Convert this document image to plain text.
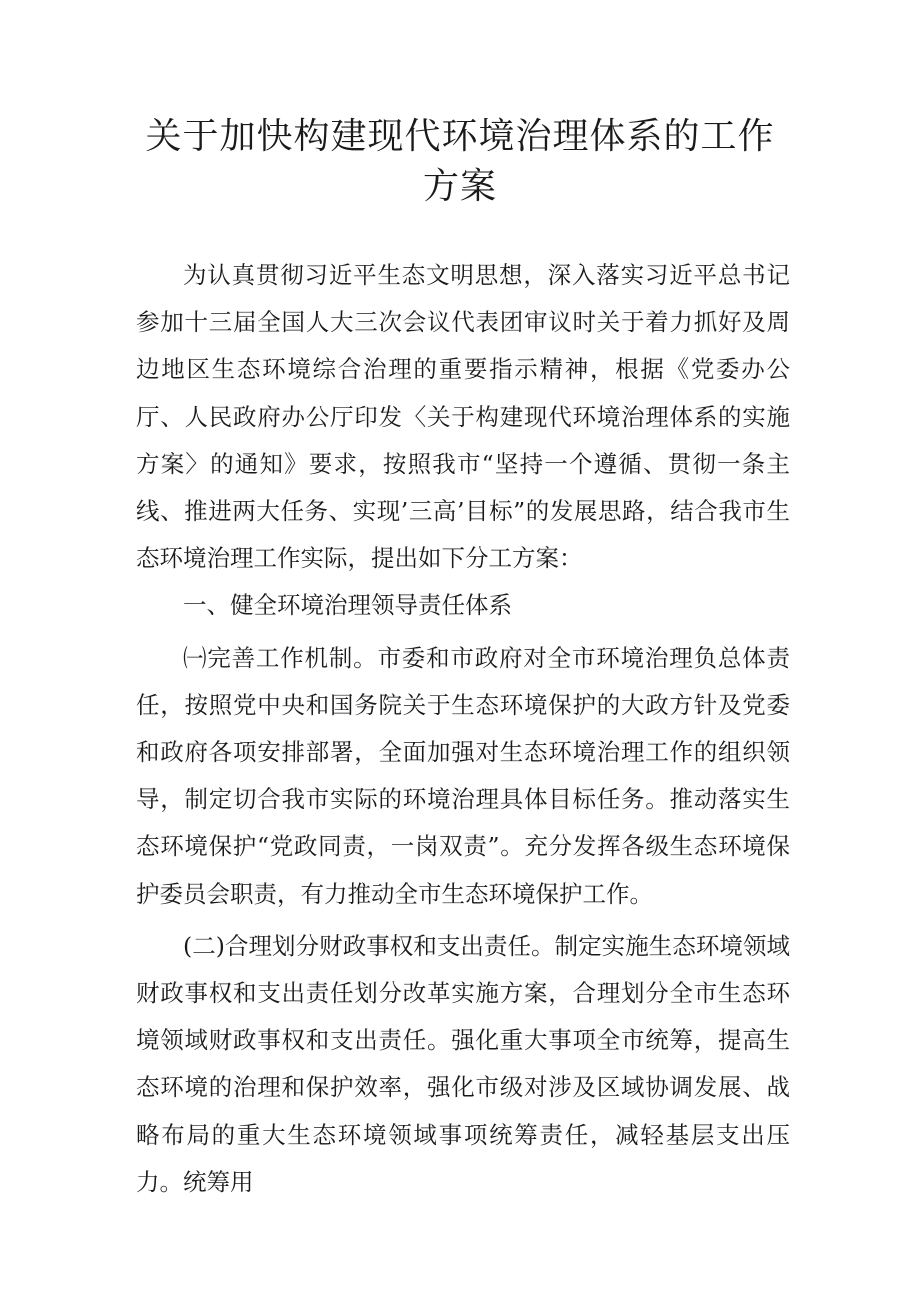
关于加快构建现代环境治理体系的工作方案

为认真贯彻习近平生态文明思想，深入落实习近平总书记参加十三届全国人大三次会议代表团审议时关于着力抓好及周边地区生态环境综合治理的重要指示精神，根据《党委办公厅、人民政府办公厅印发〈关于构建现代环境治理体系的实施方案〉的通知》要求，按照我市“坚持一个遵循、贯彻一条主线、推进两大任务、实现’三高’目标”的发展思路，结合我市生态环境治理工作实际，提出如下分工方案：

一、健全环境治理领导责任体系

㈠完善工作机制。市委和市政府对全市环境治理负总体责任，按照党中央和国务院关于生态环境保护的大政方针及党委和政府各项安排部署，全面加强对生态环境治理工作的组织领导，制定切合我市实际的环境治理具体目标任务。推动落实生态环境保护“党政同责，一岗双责”。充分发挥各级生态环境保护委员会职责，有力推动全市生态环境保护工作。

(二)合理划分财政事权和支出责任。制定实施生态环境领域财政事权和支出责任划分改革实施方案，合理划分全市生态环境领域财政事权和支出责任。强化重大事项全市统筹，提高生态环境的治理和保护效率，强化市级对涉及区域协调发展、战略布局的重大生态环境领域事项统筹责任，减轻基层支出压力。统筹用
